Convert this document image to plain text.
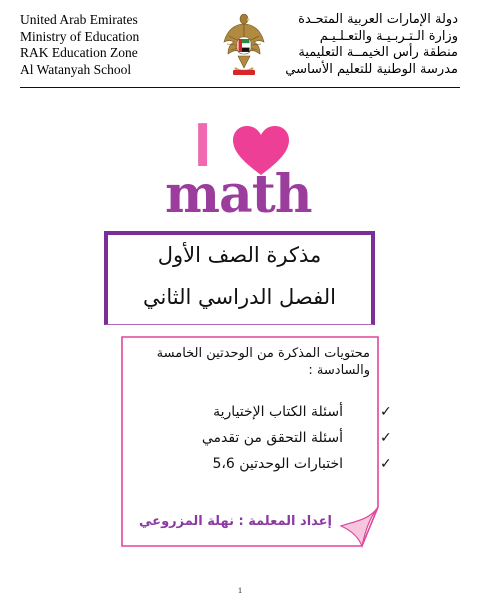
United Arab Emirates
Ministry of Education
RAK Education Zone
Al Watanyah School
دولة الإمارات العربية المتحـدة
وزارة الـتـربـيـة والتعـلـيـم
منطقة رأس الخيمــة التعليمية
مدرسة الوطنية للتعليم الأساسي
I
math
مذكرة الصف الأول
الفصل الدراسي الثاني
محتويات المذكرة من الوحدتين الخامسة والسادسة :
✓
أسئلة الكتاب الإختيارية
✓
أسئلة التحقق من تقدمي
✓
اختبارات الوحدتين 5،6
إعداد المعلمة : نهلة المزروعي
1
